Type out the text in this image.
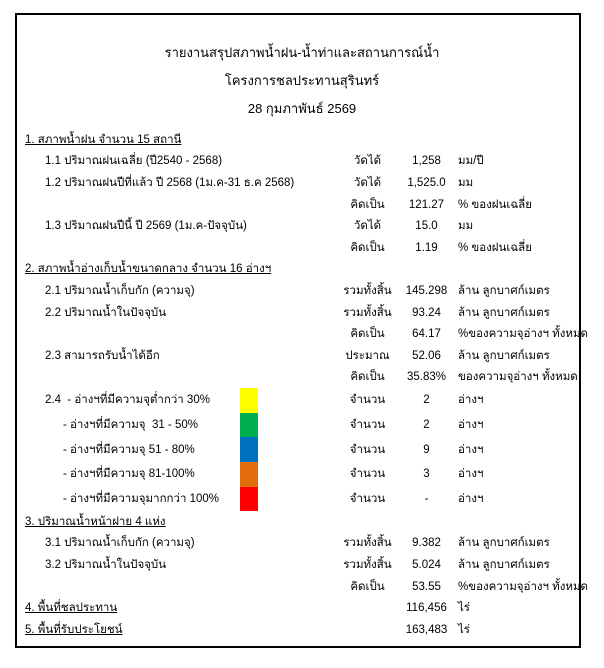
รายงานสรุปสภาพน้ำฝน-น้ำท่าและสถานการณ์น้ำ
โครงการชลประทานสุรินทร์
28 กุมภาพันธ์ 2569
1. สภาพน้ำฝน จำนวน 15 สถานี
1.1 ปริมาณฝนเฉลี่ย (ปี2540 - 2568)	วัดได้	1,258	มม/ปี
1.2 ปริมาณฝนปีที่แล้ว ปี 2568 (1ม.ค-31 ธ.ค 2568)	วัดได้	1,525.0	มม
คิดเป็น	121.27	% ของฝนเฉลี่ย
1.3 ปริมาณฝนปีนี้ ปี 2569 (1ม.ค-ปัจจุบัน)	วัดได้	15.0	มม
คิดเป็น	1.19	% ของฝนเฉลี่ย
2. สภาพน้ำอ่างเก็บน้ำขนาดกลาง จำนวน 16 อ่างฯ
2.1 ปริมาณน้ำเก็บกัก (ความจุ)	รวมทั้งสิ้น	145.298 ล้าน ลูกบาศก์เมตร
2.2 ปริมาณน้ำในปัจจุบัน	รวมทั้งสิ้น	93.24	ล้าน ลูกบาศก์เมตร
คิดเป็น	64.17	%ของความจุอ่างฯ ทั้งหมด
2.3 สามารถรับน้ำได้อีก	ประมาณ	52.06	ล้าน ลูกบาศก์เมตร
คิดเป็น	35.83%	ของความจุอ่างฯ ทั้งหมด
2.4  - อ่างฯที่มีความจุต่ำกว่า 30%	จำนวน	2	อ่างฯ
- อ่างฯที่มีความจุ  31 - 50%	จำนวน	2	อ่างฯ
- อ่างฯที่มีความจุ 51 - 80%	จำนวน	9	อ่างฯ
- อ่างฯที่มีความจุ 81-100%	จำนวน	3	อ่างฯ
- อ่างฯที่มีความจุมากกว่า 100%	จำนวน	-	อ่างฯ
3. ปริมาณน้ำหน้าฝาย 4 แห่ง
3.1 ปริมาณน้ำเก็บกัก (ความจุ)	รวมทั้งสิ้น	9.382	ล้าน ลูกบาศก์เมตร
3.2 ปริมาณน้ำในปัจจุบัน	รวมทั้งสิ้น	5.024	ล้าน ลูกบาศก์เมตร
คิดเป็น	53.55	%ของความจุอ่างฯ ทั้งหมด
4. พื้นที่ชลประทาน	116,456 ไร่
5. พื้นที่รับประโยชน์	163,483 ไร่
